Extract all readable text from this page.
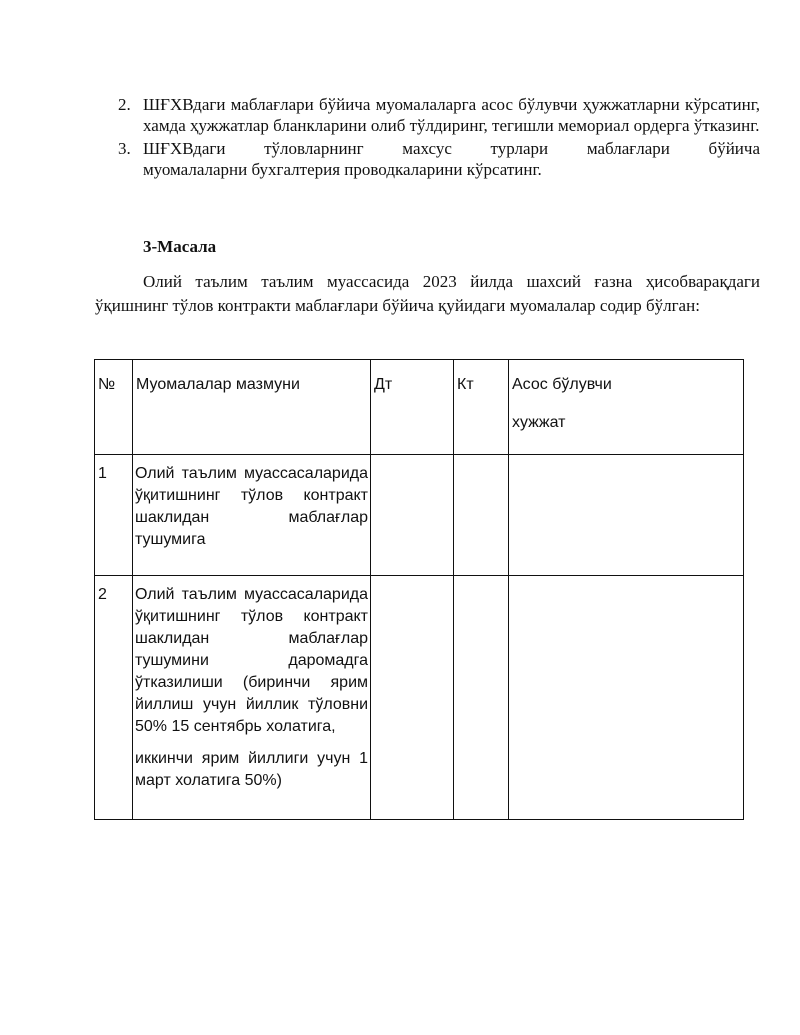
2. ШҒХВдаги маблағлари бўйича муомалаларга асос бўлувчи ҳужжатларни кўрсатинг, хамда ҳужжатлар бланкларини олиб тўлдиринг, тегишли мемориал ордерга ўтказинг.

3. ШҒХВдаги тўловларнинг махсус турлари маблағлари бўйича

муомалаларни бухгалтерия проводкаларини кўрсатинг.

3-Масала

Олий таълим таълим муассасида 2023 йилда шахсий ғазна ҳисобварақдаги ўқишнинг тўлов контракти маблағлари бўйича қуйидаги муомалалар содир бўлган:

№	Муомалалар мазмуни	Дт	Кт	Асос бўлувчи
хужжат

1	Олий таълим муассасаларида ўқитишнинг тўлов контракт шаклидан маблағлар тушумига			

2	Олий таълим муассасаларида ўқитишнинг тўлов контракт шаклидан маблағлар тушумини даромадга ўтказилиши (биринчи ярим йиллиш учун йиллик тўловни 50% 15 сентябрь холатига,

иккинчи ярим йиллиги учун 1 март холатига 50%)			
